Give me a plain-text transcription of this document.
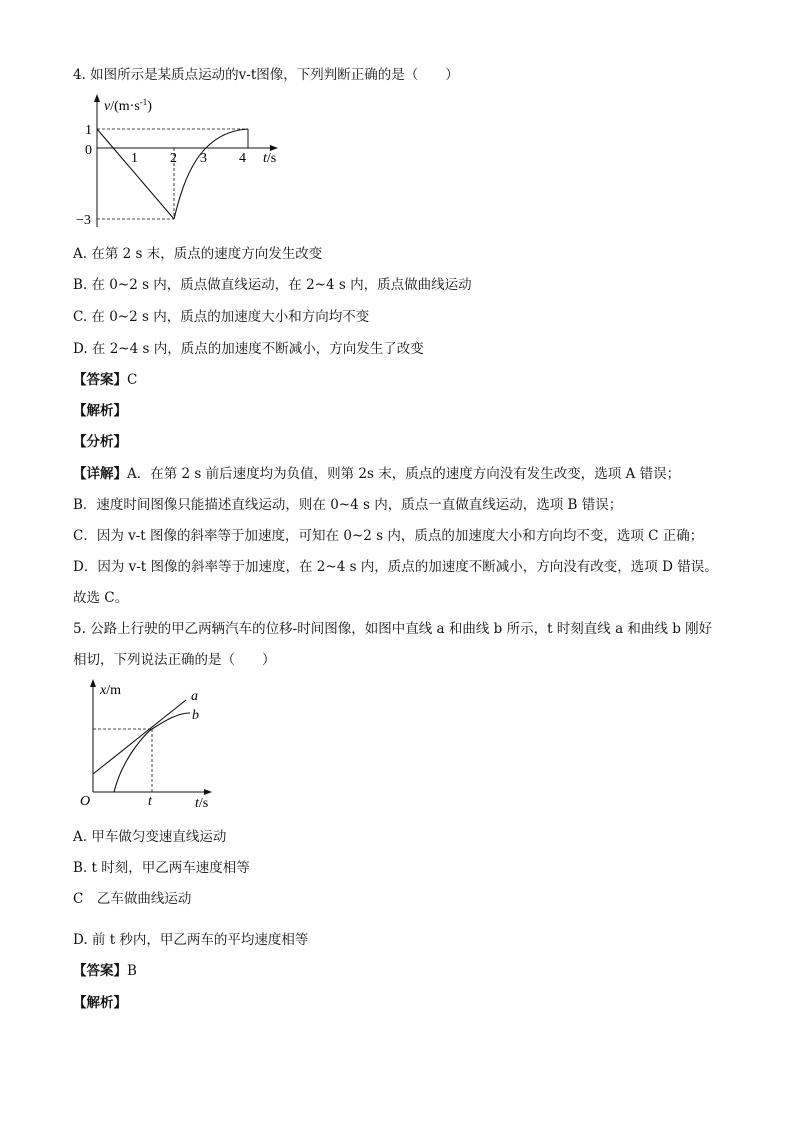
4. 如图所示是某质点运动的v-t图像，下列判断正确的是（　　）
$v/(m\cdot s^{-1})$
t/s
1
0
−3
1 2 3 4
A. 在第 2 s 末，质点的速度方向发生改变
B. 在 0~2 s 内，质点做直线运动，在 2~4 s 内，质点做曲线运动
C. 在 0~2 s 内，质点的加速度大小和方向均不变
D. 在 2~4 s 内，质点的加速度不断减小，方向发生了改变
【答案】C
【解析】
【分析】
【详解】A．在第 2 s 前后速度均为负值，则第 2s 末，质点的速度方向没有发生改变，选项 A 错误；
B．速度时间图像只能描述直线运动，则在 0~4 s 内，质点一直做直线运动，选项 B 错误；
C．因为 v-t 图像的斜率等于加速度，可知在 0~2 s 内，质点的加速度大小和方向均不变，选项 C 正确；
D．因为 v-t 图像的斜率等于加速度，在 2~4 s 内，质点的加速度不断减小，方向没有改变，选项 D 错误。
故选 C。
5. 公路上行驶的甲乙两辆汽车的位移-时间图像，如图中直线 a 和曲线 b 所示，t 时刻直线 a 和曲线 b 刚好
相切，下列说法正确的是（　　）
x/m
t/s
O	t
a
b
A. 甲车做匀变速直线运动
B. t 时刻，甲乙两车速度相等
C　乙车做曲线运动
D. 前 t 秒内，甲乙两车的平均速度相等
【答案】B
【解析】
